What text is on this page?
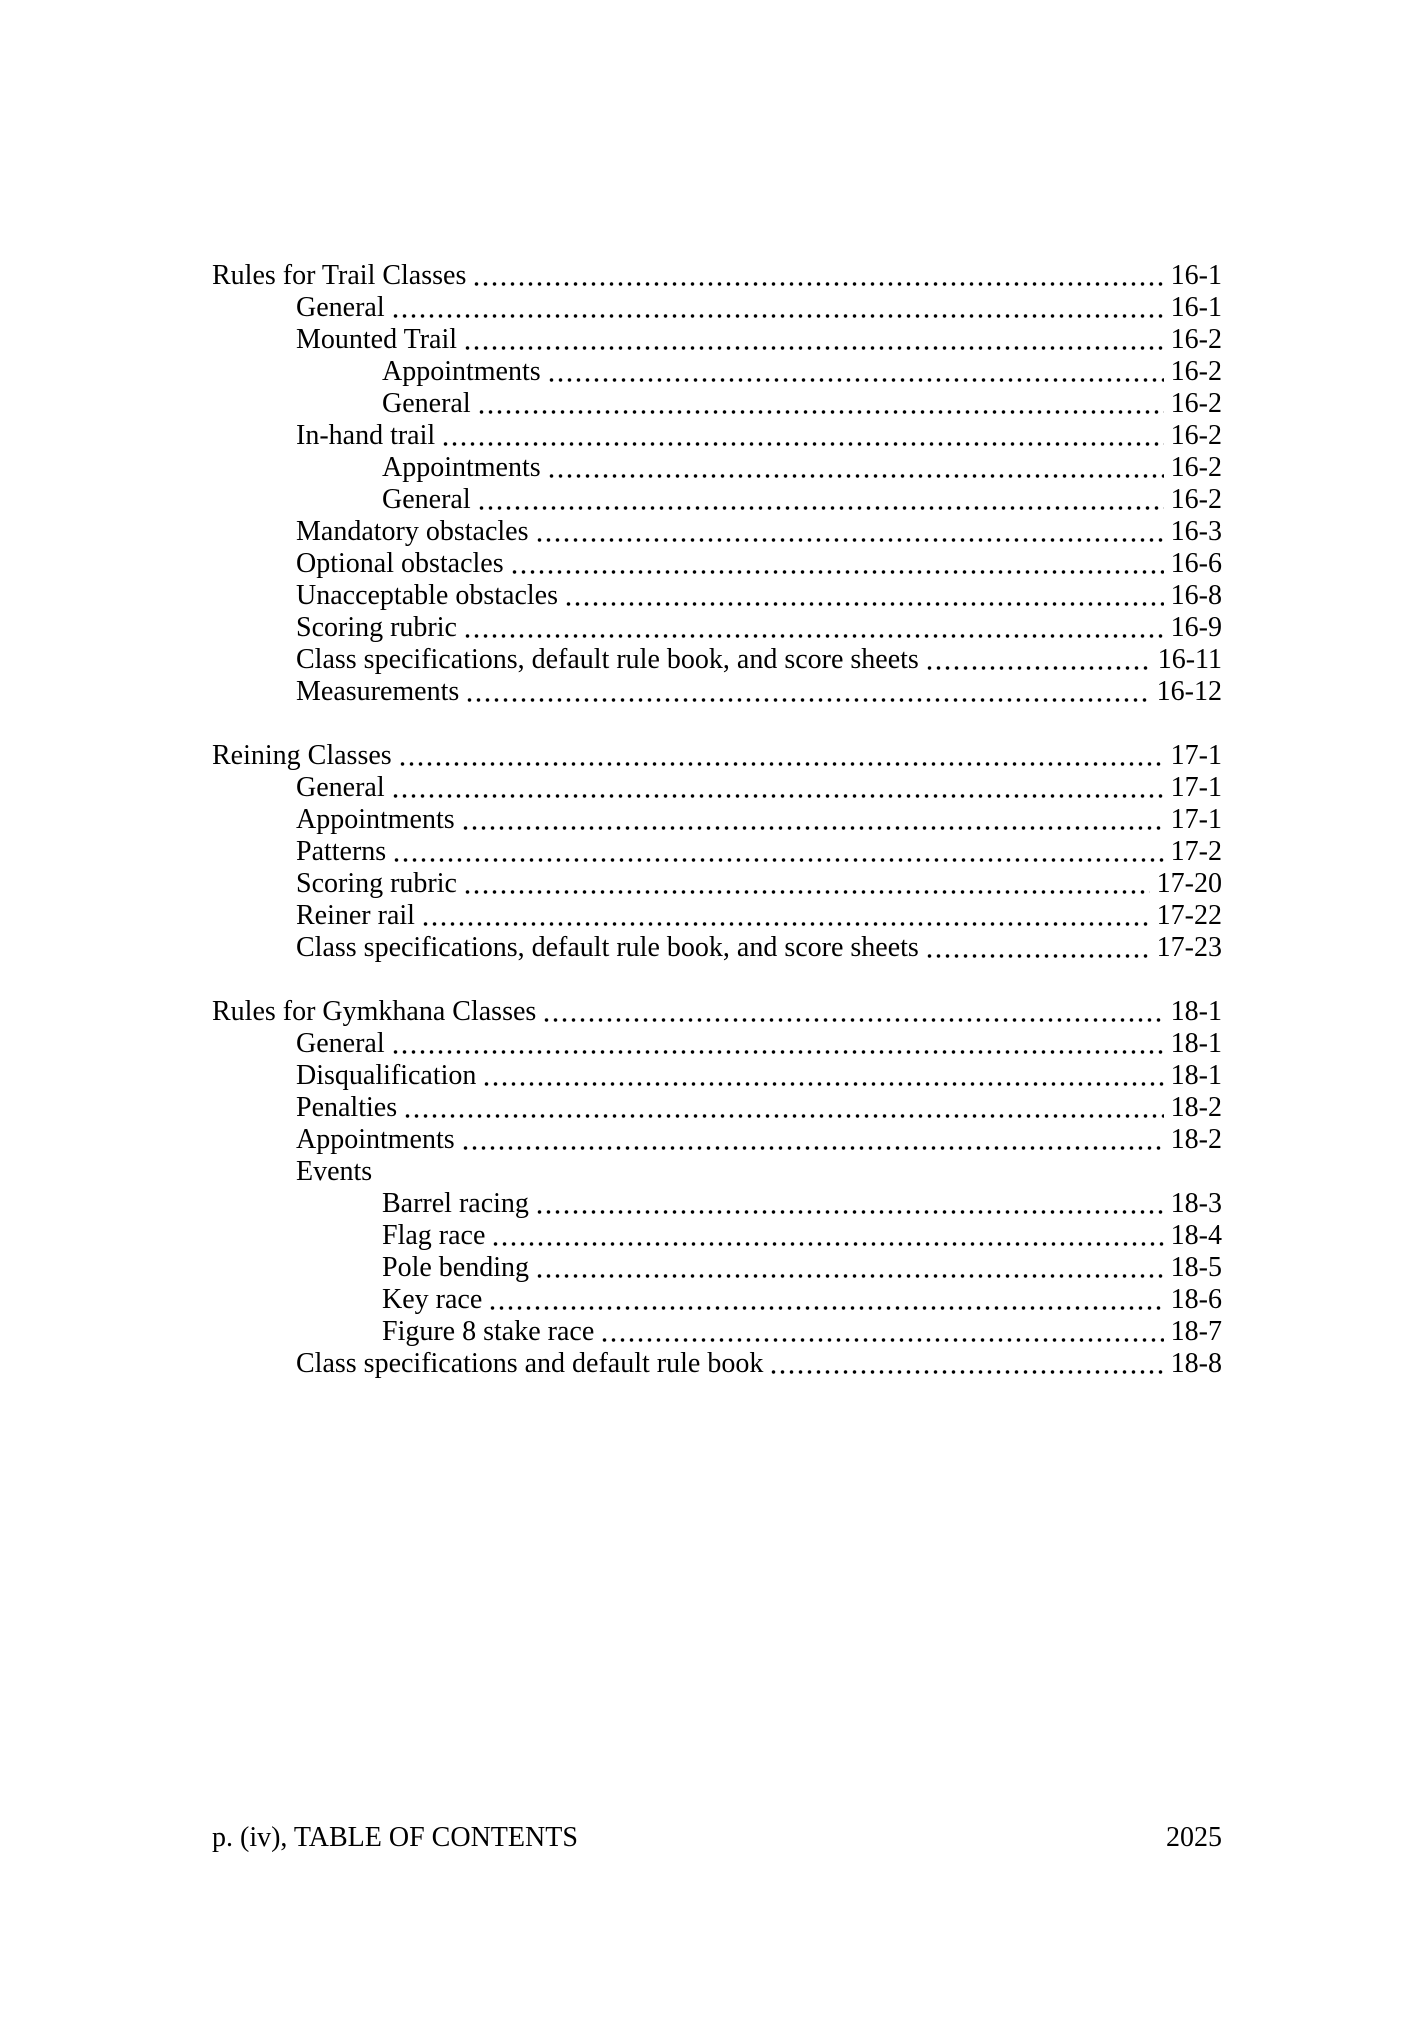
Rules for Trail Classes	16-1
General	16-1
Mounted Trail	16-2
Appointments	16-2
General	16-2
In-hand trail	16-2
Appointments	16-2
General	16-2
Mandatory obstacles	16-3
Optional obstacles	16-6
Unacceptable obstacles	16-8
Scoring rubric	16-9
Class specifications, default rule book, and score sheets	16-11
Measurements	16-12
Reining Classes	17-1
General	17-1
Appointments	17-1
Patterns	17-2
Scoring rubric	17-20
Reiner rail	17-22
Class specifications, default rule book, and score sheets	17-23
Rules for Gymkhana Classes	18-1
General	18-1
Disqualification	18-1
Penalties	18-2
Appointments	18-2
Events
Barrel racing	18-3
Flag race	18-4
Pole bending	18-5
Key race	18-6
Figure 8 stake race	18-7
Class specifications and default rule book	18-8
p. (iv), TABLE OF CONTENTS	2025
